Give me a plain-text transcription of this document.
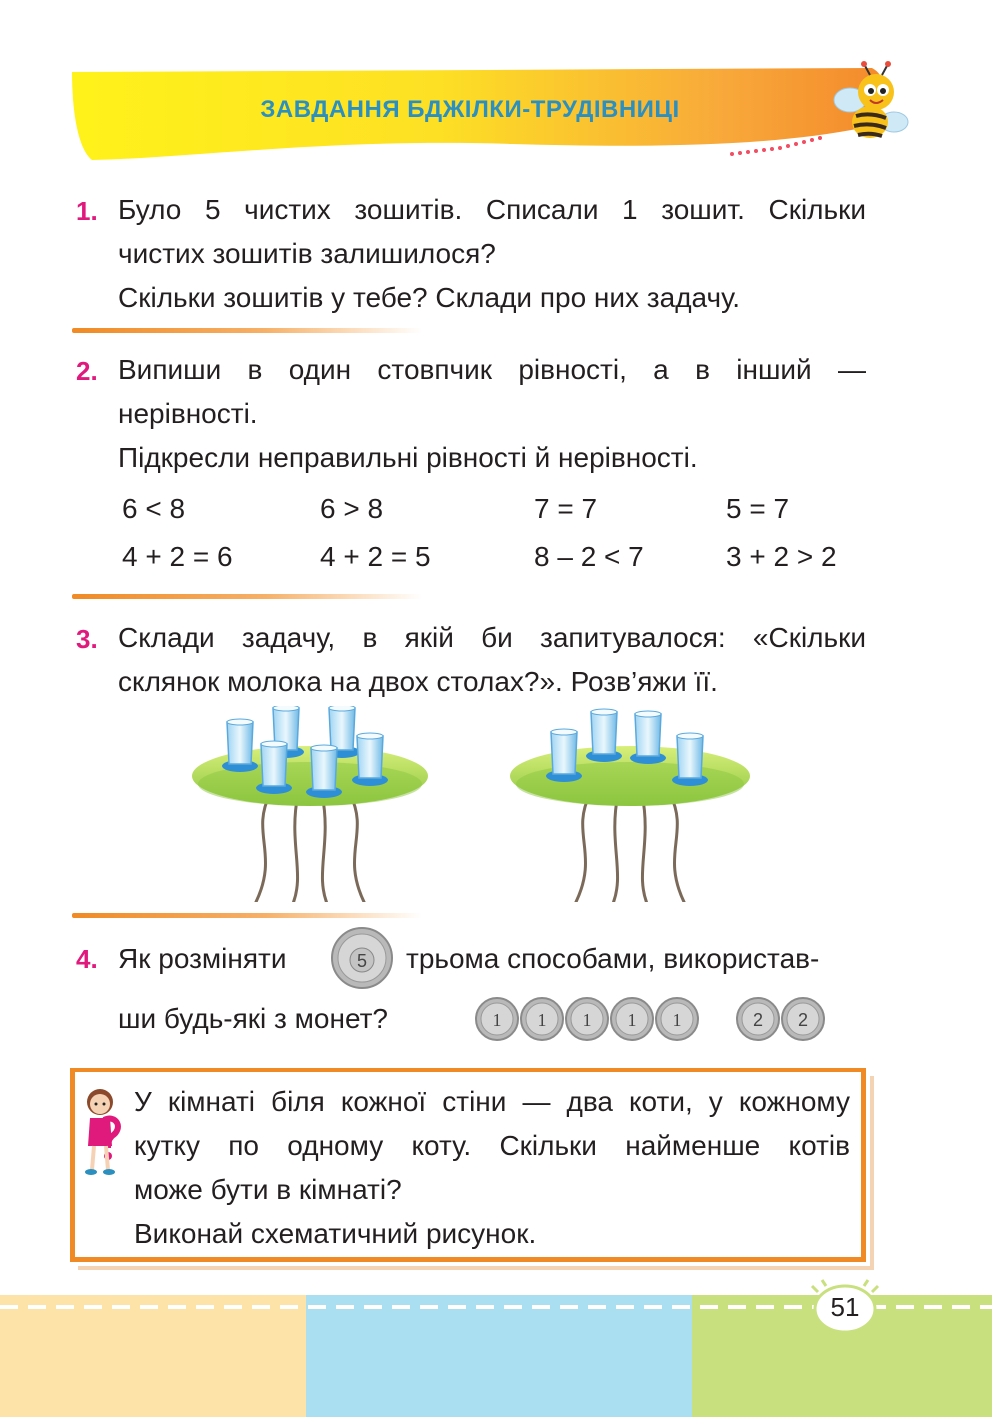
ЗАВДАННЯ БДЖІЛКИ-ТРУДІВНИЦІ
1. Було 5 чистих зошитів. Списали 1 зошит. Скільки
чистих зошитів залишилося?
Скільки зошитів у тебе? Склади про них задачу.
2. Випиши в один стовпчик рівності, а в інший —
нерівності.
Підкресли неправильні рівності й нерівності.
6 < 8	6 > 8	7 = 7	5 = 7
4 + 2 = 6	4 + 2 = 5	8 – 2 < 7	3 + 2 > 2
3. Склади задачу, в якій би запитувалося: «Скільки
склянок молока на двох столах?». Розв’яжи її.
4. Як розміняти	5 трьома способами, використав-
ши будь-які з монет?	1 1 1 1 1	2 2
У кімнаті біля кожної стіни — два коти, у кожному
кутку по одному коту. Скільки найменше котів
може бути в кімнаті?
Виконай схематичний рисунок.
51
